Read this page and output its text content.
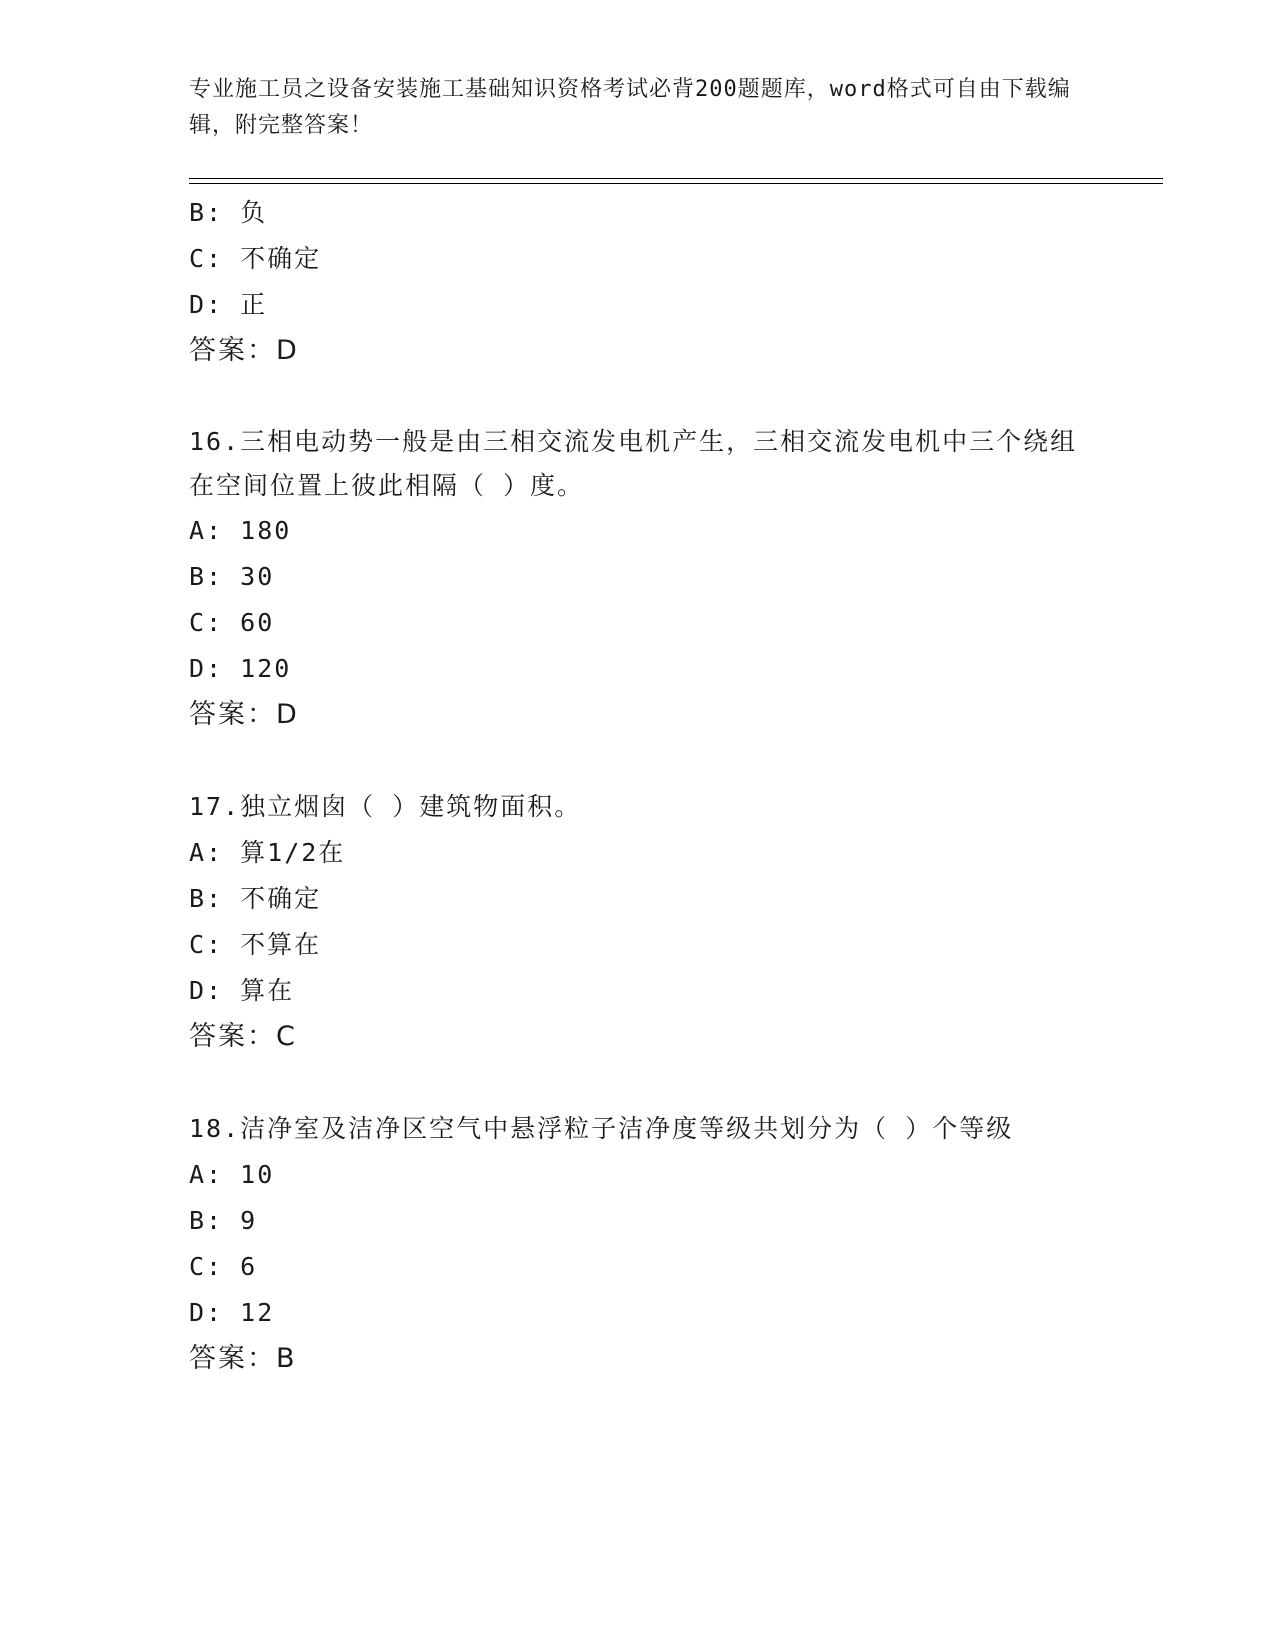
专业施工员之设备安装施工基础知识资格考试必背200题题库，word格式可自由下载编辑，附完整答案！
B: 负
C: 不确定
D: 正
答案：D
16.三相电动势一般是由三相交流发电机产生，三相交流发电机中三个绕组在空间位置上彼此相隔（ ）度。
A: 180
B: 30
C: 60
D: 120
答案：D
17.独立烟囱（ ）建筑物面积。
A: 算1/2在
B: 不确定
C: 不算在
D: 算在
答案：C
18.洁净室及洁净区空气中悬浮粒子洁净度等级共划分为（ ）个等级
A: 10
B: 9
C: 6
D: 12
答案：B
